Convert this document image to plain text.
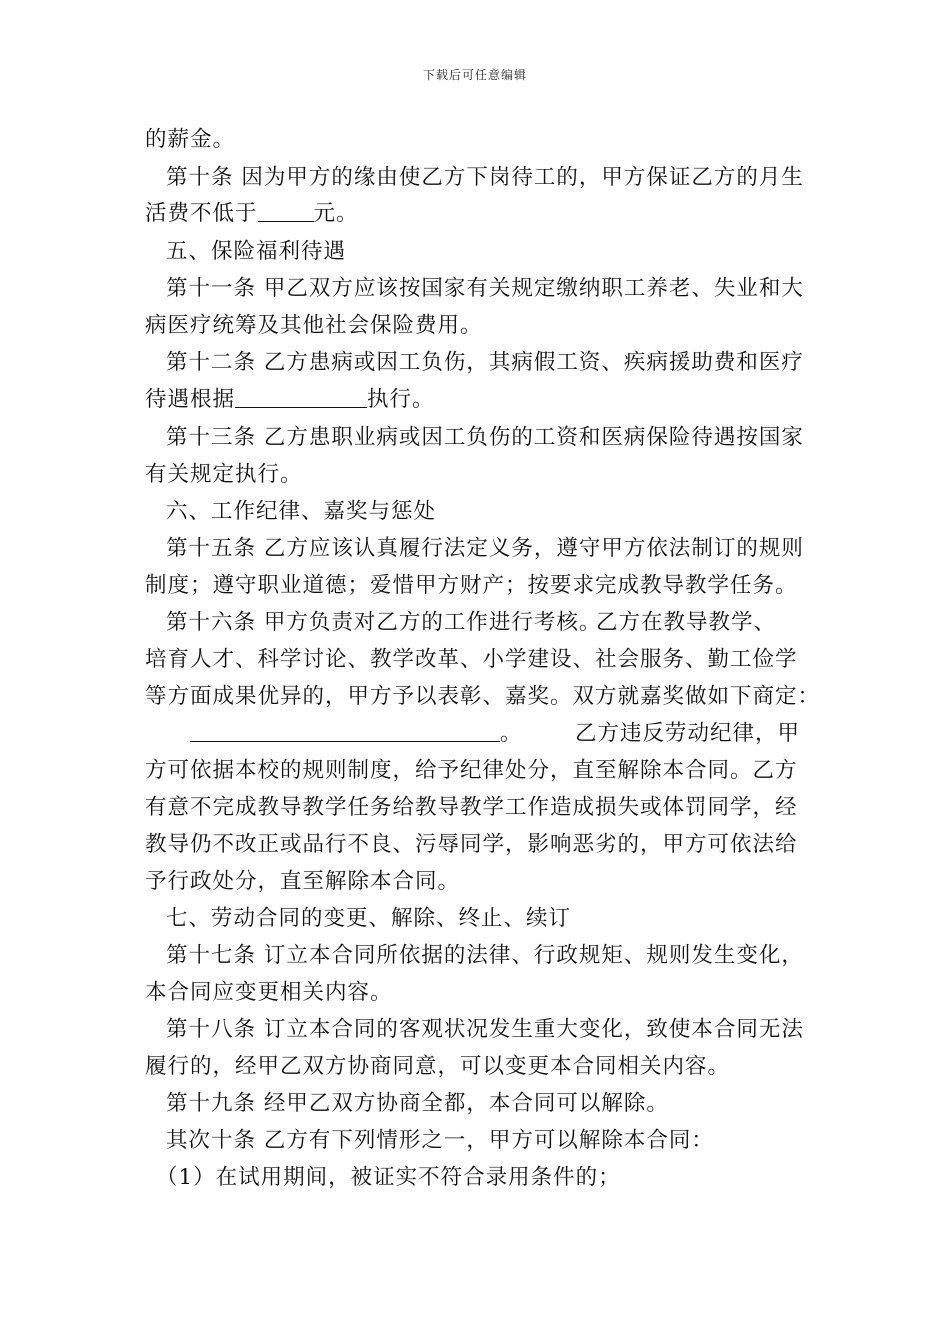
下载后可任意编辑
的薪金。
第十条 因为甲方的缘由使乙方下岗待工的，甲方保证乙方的月生
活费不低于	元。
五、保险福利待遇
第十一条 甲乙双方应该按国家有关规定缴纳职工养老、失业和大
病医疗统筹及其他社会保险费用。
第十二条 乙方患病或因工负伤，其病假工资、疾病援助费和医疗
待遇根据	执行。
第十三条 乙方患职业病或因工负伤的工资和医病保险待遇按国家
有关规定执行。
六、工作纪律、嘉奖与惩处
第十五条 乙方应该认真履行法定义务，遵守甲方依法制订的规则
制度；遵守职业道德；爱惜甲方财产；按要求完成教导教学任务。
第十六条 甲方负责对乙方的工作进行考核。
乙方在教导教学、
培育人才、科学讨论、教学改革、小学建设、社会服务、勤工俭学
等方面成果优异的，甲方予以表彰、嘉奖。双方就嘉奖做如下商定：
。 乙方违反劳动纪律，甲
方可依据本校的规则制度，给予纪律处分，直至解除本合同。乙方
有意不完成教导教学任务给教导教学工作造成损失或体罚同学，经
教导仍不改正或品行不良、污辱同学，影响恶劣的，甲方可依法给
予行政处分，直至解除本合同。
七、劳动合同的变更、解除、终止、续订
第十七条 订立本合同所依据的法律、行政规矩、规则发生变化，
本合同应变更相关内容。
第十八条 订立本合同的客观状况发生重大变化，致使本合同无法
履行的，经甲乙双方协商同意，可以变更本合同相关内容。
第十九条 经甲乙双方协商全都，本合同可以解除。
其次十条 乙方有下列情形之一，甲方可以解除本合同：
（1）在试用期间，被证实不符合录用条件的；
